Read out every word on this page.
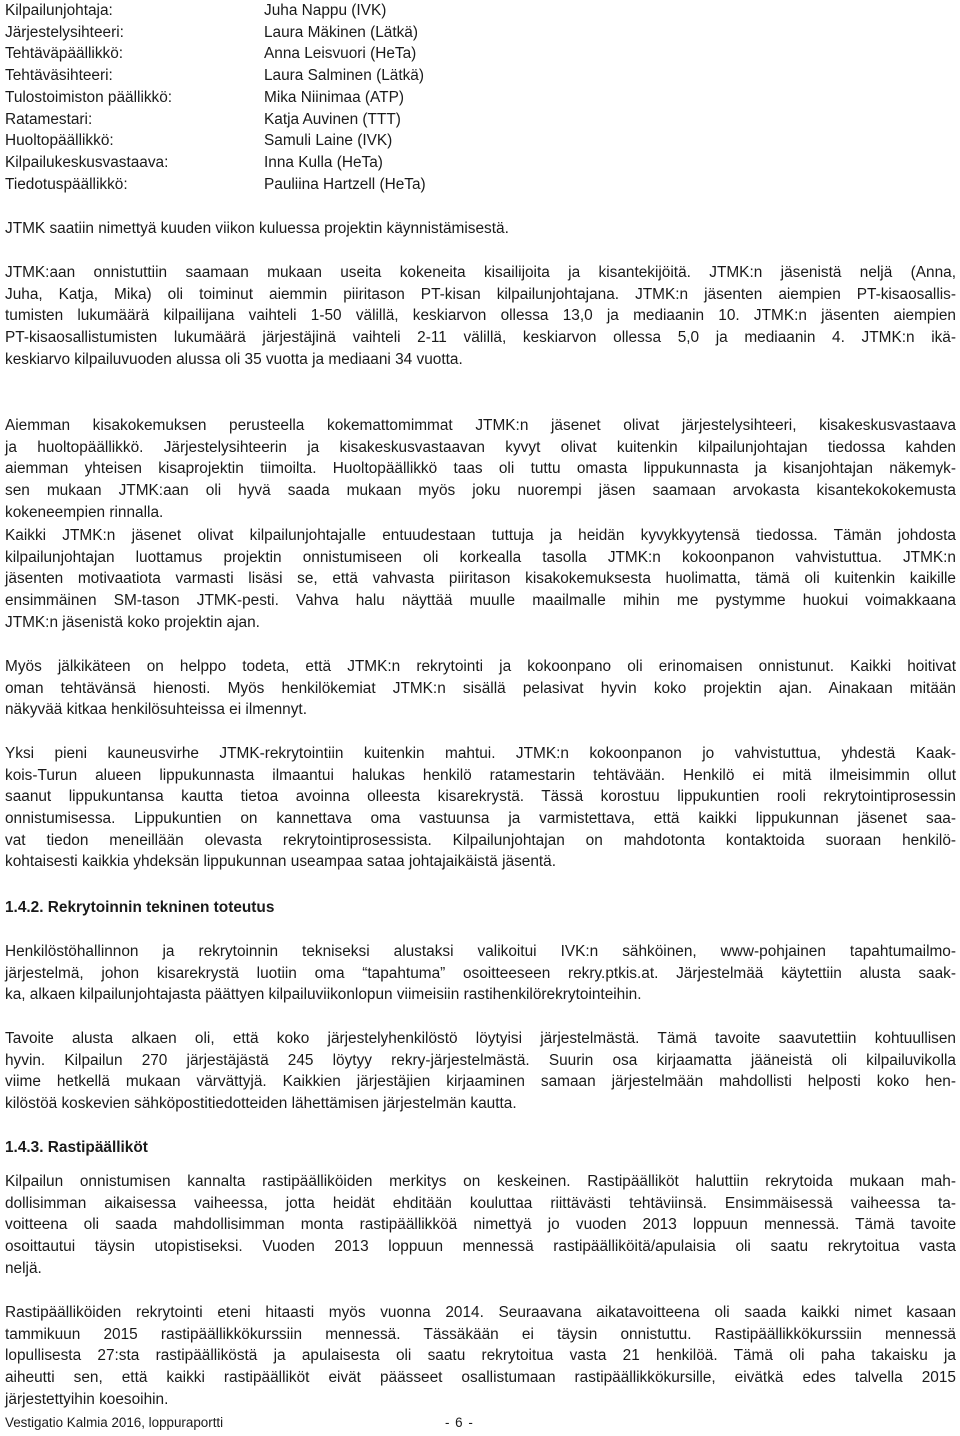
Kilpailunjohtaja:	Juha Nappu (IVK)
Järjestelysihteeri:	Laura Mäkinen (Lätkä)
Tehtäväpäällikkö:	Anna Leisvuori (HeTa)
Tehtäväsihteeri:	Laura Salminen (Lätkä)
Tulostoimiston päällikkö:	Mika Niinimaa (ATP)
Ratamestari:	Katja Auvinen (TTT)
Huoltopäällikkö:	Samuli Laine (IVK)
Kilpailukeskusvastaava:	Inna Kulla (HeTa)
Tiedotuspäällikkö:	Pauliina Hartzell (HeTa)
JTMK saatiin nimettyä kuuden viikon kuluessa projektin käynnistämisestä.
JTMK:aan onnistuttiin saamaan mukaan useita kokeneita kisailijoita ja kisantekijöitä. JTMK:n jäsenistä neljä (Anna,
Juha, Katja, Mika) oli toiminut aiemmin piiritason PT-kisan kilpailunjohtajana. JTMK:n jäsenten aiempien PT-kisaosallis-
tumisten lukumäärä kilpailijana vaihteli 1-50 välillä, keskiarvon ollessa 13,0 ja mediaanin 10. JTMK:n jäsenten aiempien
PT-kisaosallistumisten lukumäärä järjestäjinä vaihteli 2-11 välillä, keskiarvon ollessa 5,0 ja mediaanin 4. JTMK:n ikä-
keskiarvo kilpailuvuoden alussa oli 35 vuotta ja mediaani 34 vuotta.
Aiemman kisakokemuksen perusteella kokemattomimmat JTMK:n jäsenet olivat järjestelysihteeri, kisakeskusvastaava
ja huoltopäällikkö. Järjestelysihteerin ja kisakeskusvastaavan kyvyt olivat kuitenkin kilpailunjohtajan tiedossa kahden
aiemman yhteisen kisaprojektin tiimoilta. Huoltopäällikkö taas oli tuttu omasta lippukunnasta ja kisanjohtajan näkemyk-
sen mukaan JTMK:aan oli hyvä saada mukaan myös joku nuorempi jäsen saamaan arvokasta kisantekokokemusta
kokeneempien rinnalla.
Kaikki JTMK:n jäsenet olivat kilpailunjohtajalle entuudestaan tuttuja ja heidän kyvykkyytensä tiedossa. Tämän johdosta
kilpailunjohtajan luottamus projektin onnistumiseen oli korkealla tasolla JTMK:n kokoonpanon vahvistuttua. JTMK:n
jäsenten motivaatiota varmasti lisäsi se, että vahvasta piiritason kisakokemuksesta huolimatta, tämä oli kuitenkin kaikille
ensimmäinen SM-tason JTMK-pesti. Vahva halu näyttää muulle maailmalle mihin me pystymme huokui voimakkaana
JTMK:n jäsenistä koko projektin ajan.
Myös jälkikäteen on helppo todeta, että JTMK:n rekrytointi ja kokoonpano oli erinomaisen onnistunut. Kaikki hoitivat
oman tehtävänsä hienosti. Myös henkilökemiat JTMK:n sisällä pelasivat hyvin koko projektin ajan. Ainakaan mitään
näkyvää kitkaa henkilösuhteissa ei ilmennyt.
Yksi pieni kauneusvirhe JTMK-rekrytointiin kuitenkin mahtui. JTMK:n kokoonpanon jo vahvistuttua, yhdestä Kaak-
kois-Turun alueen lippukunnasta ilmaantui halukas henkilö ratamestarin tehtävään. Henkilö ei mitä ilmeisimmin ollut
saanut lippukuntansa kautta tietoa avoinna olleesta kisarekrystä. Tässä korostuu lippukuntien rooli rekrytointiprosessin
onnistumisessa. Lippukuntien on kannettava oma vastuunsa ja varmistettava, että kaikki lippukunnan jäsenet saa-
vat tiedon meneillään olevasta rekrytointiprosessista. Kilpailunjohtajan on mahdotonta kontaktoida suoraan henkilö-
kohtaisesti kaikkia yhdeksän lippukunnan useampaa sataa johtajaikäistä jäsentä.
1.4.2. Rekrytoinnin tekninen toteutus
Henkilöstöhallinnon ja rekrytoinnin tekniseksi alustaksi valikoitui IVK:n sähköinen, www-pohjainen tapahtumailmo-
järjestelmä, johon kisarekrystä luotiin oma “tapahtuma” osoitteeseen rekry.ptkis.at. Järjestelmää käytettiin alusta saak-
ka, alkaen kilpailunjohtajasta päättyen kilpailuviikonlopun viimeisiin rastihenkilörekrytointeihin.
Tavoite alusta alkaen oli, että koko järjestelyhenkilöstö löytyisi järjestelmästä. Tämä tavoite saavutettiin kohtuullisen
hyvin. Kilpailun 270 järjestäjästä 245 löytyy rekry-järjestelmästä. Suurin osa kirjaamatta jääneistä oli kilpailuvikolla
viime hetkellä mukaan värvättyjä. Kaikkien järjestäjien kirjaaminen samaan järjestelmään mahdollisti helposti koko hen-
kilöstöä koskevien sähköpostitiedotteiden lähettämisen järjestelmän kautta.
1.4.3. Rastipäälliköt
Kilpailun onnistumisen kannalta rastipäälliköiden merkitys on keskeinen. Rastipäälliköt haluttiin rekrytoida mukaan mah-
dollisimman aikaisessa vaiheessa, jotta heidät ehditään kouluttaa riittävästi tehtäviinsä. Ensimmäisessä vaiheessa ta-
voitteena oli saada mahdollisimman monta rastipäällikköä nimettyä jo vuoden 2013 loppuun mennessä. Tämä tavoite
osoittautui täysin utopistiseksi. Vuoden 2013 loppuun mennessä rastipäälliköitä/apulaisia oli saatu rekrytoitua vasta
neljä.
Rastipäälliköiden rekrytointi eteni hitaasti myös vuonna 2014. Seuraavana aikatavoitteena oli saada kaikki nimet kasaan
tammikuun 2015 rastipäällikkökurssiin mennessä. Tässäkään ei täysin onnistuttu. Rastipäällikkökurssiin mennessä
lopullisesta 27:sta rastipäälliköstä ja apulaisesta oli saatu rekrytoitua vasta 21 henkilöä. Tämä oli paha takaisku ja
aiheutti sen, että kaikki rastipäälliköt eivät päässeet osallistumaan rastipäällikkökursille, eivätkä edes talvella 2015
järjestettyihin koesoihin.
Vestigatio Kalmia 2016, loppuraportti	- 6 -
